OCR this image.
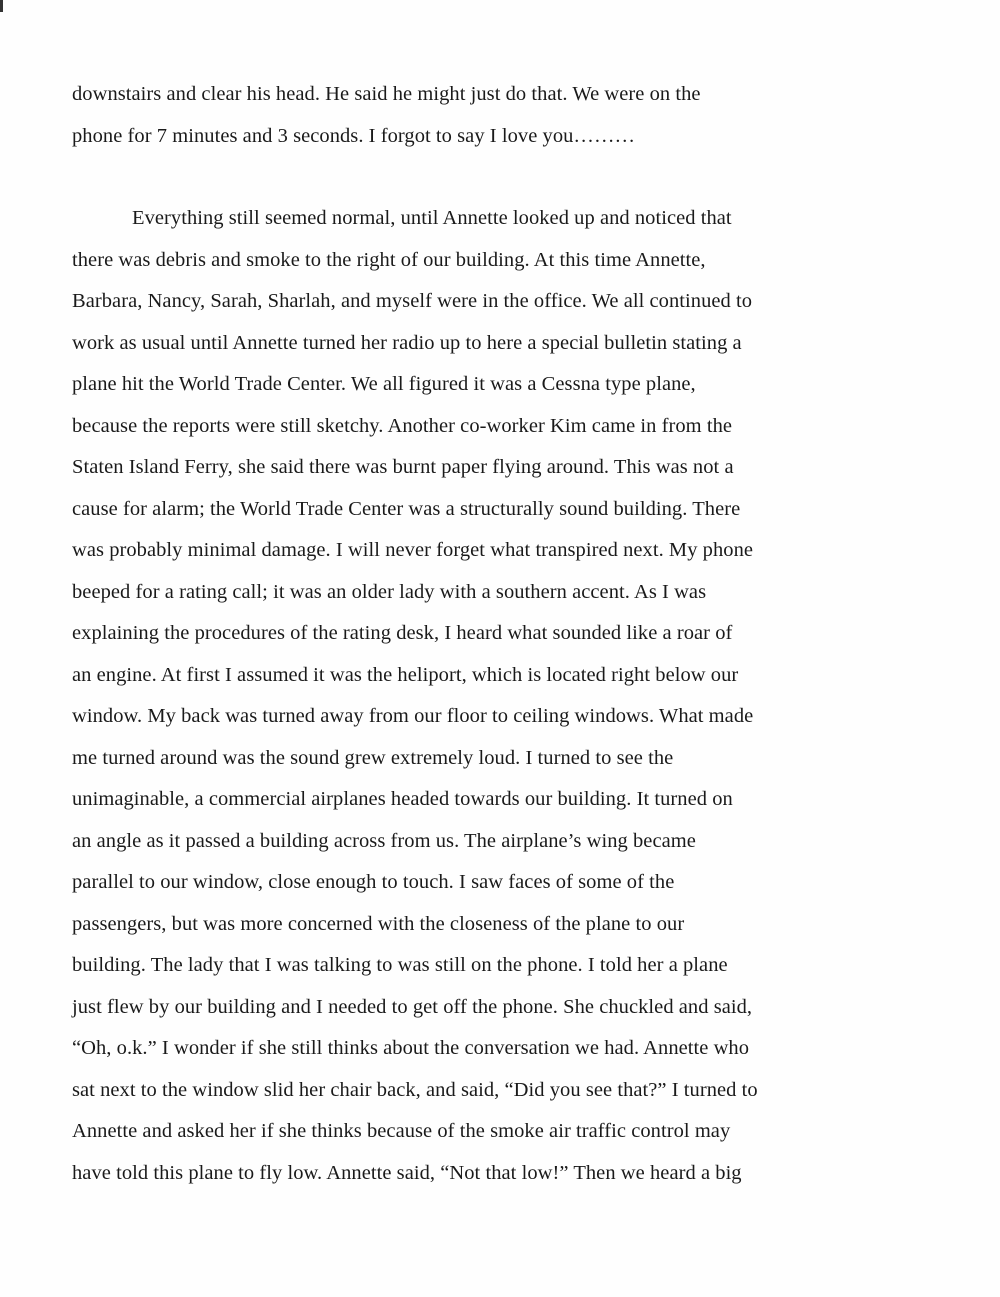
downstairs and clear his head. He said he might just do that. We were on the

phone for 7 minutes and 3 seconds. I forgot to say I love you………

Everything still seemed normal, until Annette looked up and noticed that

there was debris and smoke to the right of our building. At this time Annette,

Barbara, Nancy, Sarah, Sharlah, and myself were in the office. We all continued to

work as usual until Annette turned her radio up to here a special bulletin stating a

plane hit the World Trade Center. We all figured it was a Cessna type plane,

because the reports were still sketchy. Another co-worker Kim came in from the

Staten Island Ferry, she said there was burnt paper flying around. This was not a

cause for alarm; the World Trade Center was a structurally sound building. There

was probably minimal damage. I will never forget what transpired next. My phone

beeped for a rating call; it was an older lady with a southern accent. As I was

explaining the procedures of the rating desk, I heard what sounded like a roar of

an engine. At first I assumed it was the heliport, which is located right below our

window. My back was turned away from our floor to ceiling windows. What made

me turned around was the sound grew extremely loud. I turned to see the

unimaginable, a commercial airplanes headed towards our building. It turned on

an angle as it passed a building across from us. The airplane’s wing became

parallel to our window, close enough to touch. I saw faces of some of the

passengers, but was more concerned with the closeness of the plane to our

building. The lady that I was talking to was still on the phone. I told her a plane

just flew by our building and I needed to get off the phone. She chuckled and said,

“Oh, o.k.” I wonder if she still thinks about the conversation we had. Annette who

sat next to the window slid her chair back, and said, “Did you see that?” I turned to

Annette and asked her if she thinks because of the smoke air traffic control may

have told this plane to fly low. Annette said, “Not that low!” Then we heard a big
